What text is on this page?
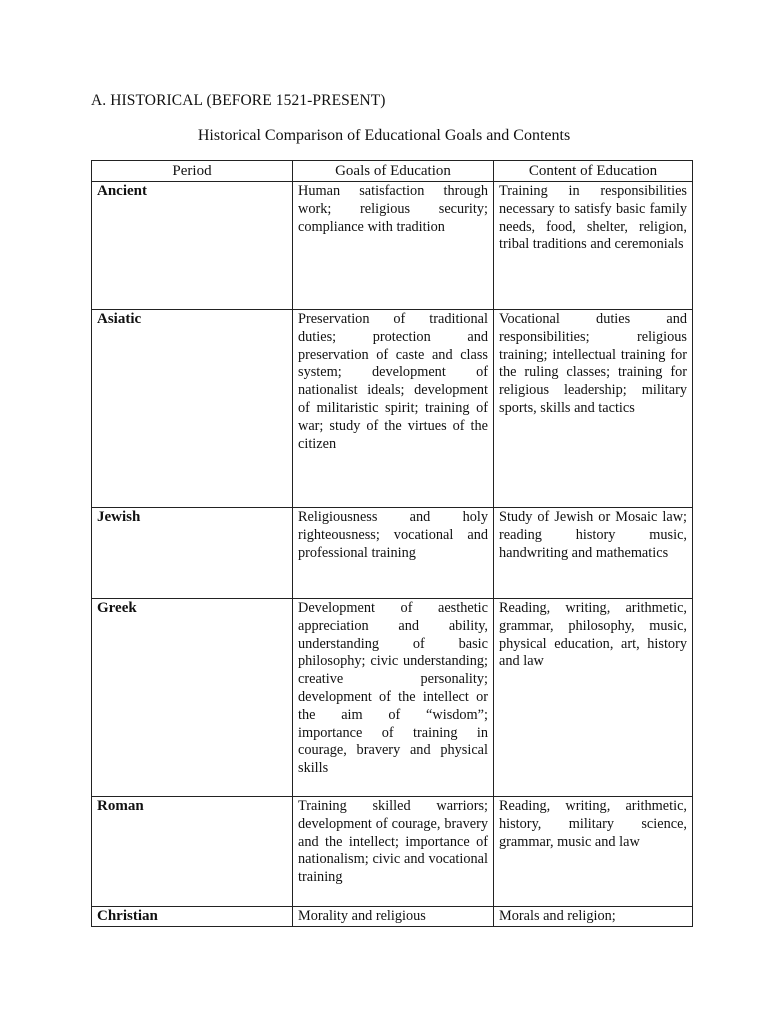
A. HISTORICAL (BEFORE 1521-PRESENT)
Historical Comparison of Educational Goals and Contents
Period	Goals of Education	Content of Education
Ancient	Human satisfaction through work; religious security; compliance with tradition	Training in responsibilities necessary to satisfy basic family needs, food, shelter, religion, tribal traditions and ceremonials
Asiatic	Preservation of traditional duties; protection and preservation of caste and class system; development of nationalist ideals; development of militaristic spirit; training of war; study of the virtues of the citizen	Vocational duties and responsibilities; religious training; intellectual training for the ruling classes; training for religious leadership; military sports, skills and tactics
Jewish	Religiousness and holy righteousness; vocational and professional training	Study of Jewish or Mosaic law; reading history music, handwriting and mathematics
Greek	Development of aesthetic appreciation and ability, understanding of basic philosophy; civic understanding; creative personality; development of the intellect or the aim of “wisdom”; importance of training in courage, bravery and physical skills	Reading, writing, arithmetic, grammar, philosophy, music, physical education, art, history and law
Roman	Training skilled warriors; development of courage, bravery and the intellect; importance of nationalism; civic and vocational training	Reading, writing, arithmetic, history, military science, grammar, music and law
Christian	Morality and religious	Morals and religion;
